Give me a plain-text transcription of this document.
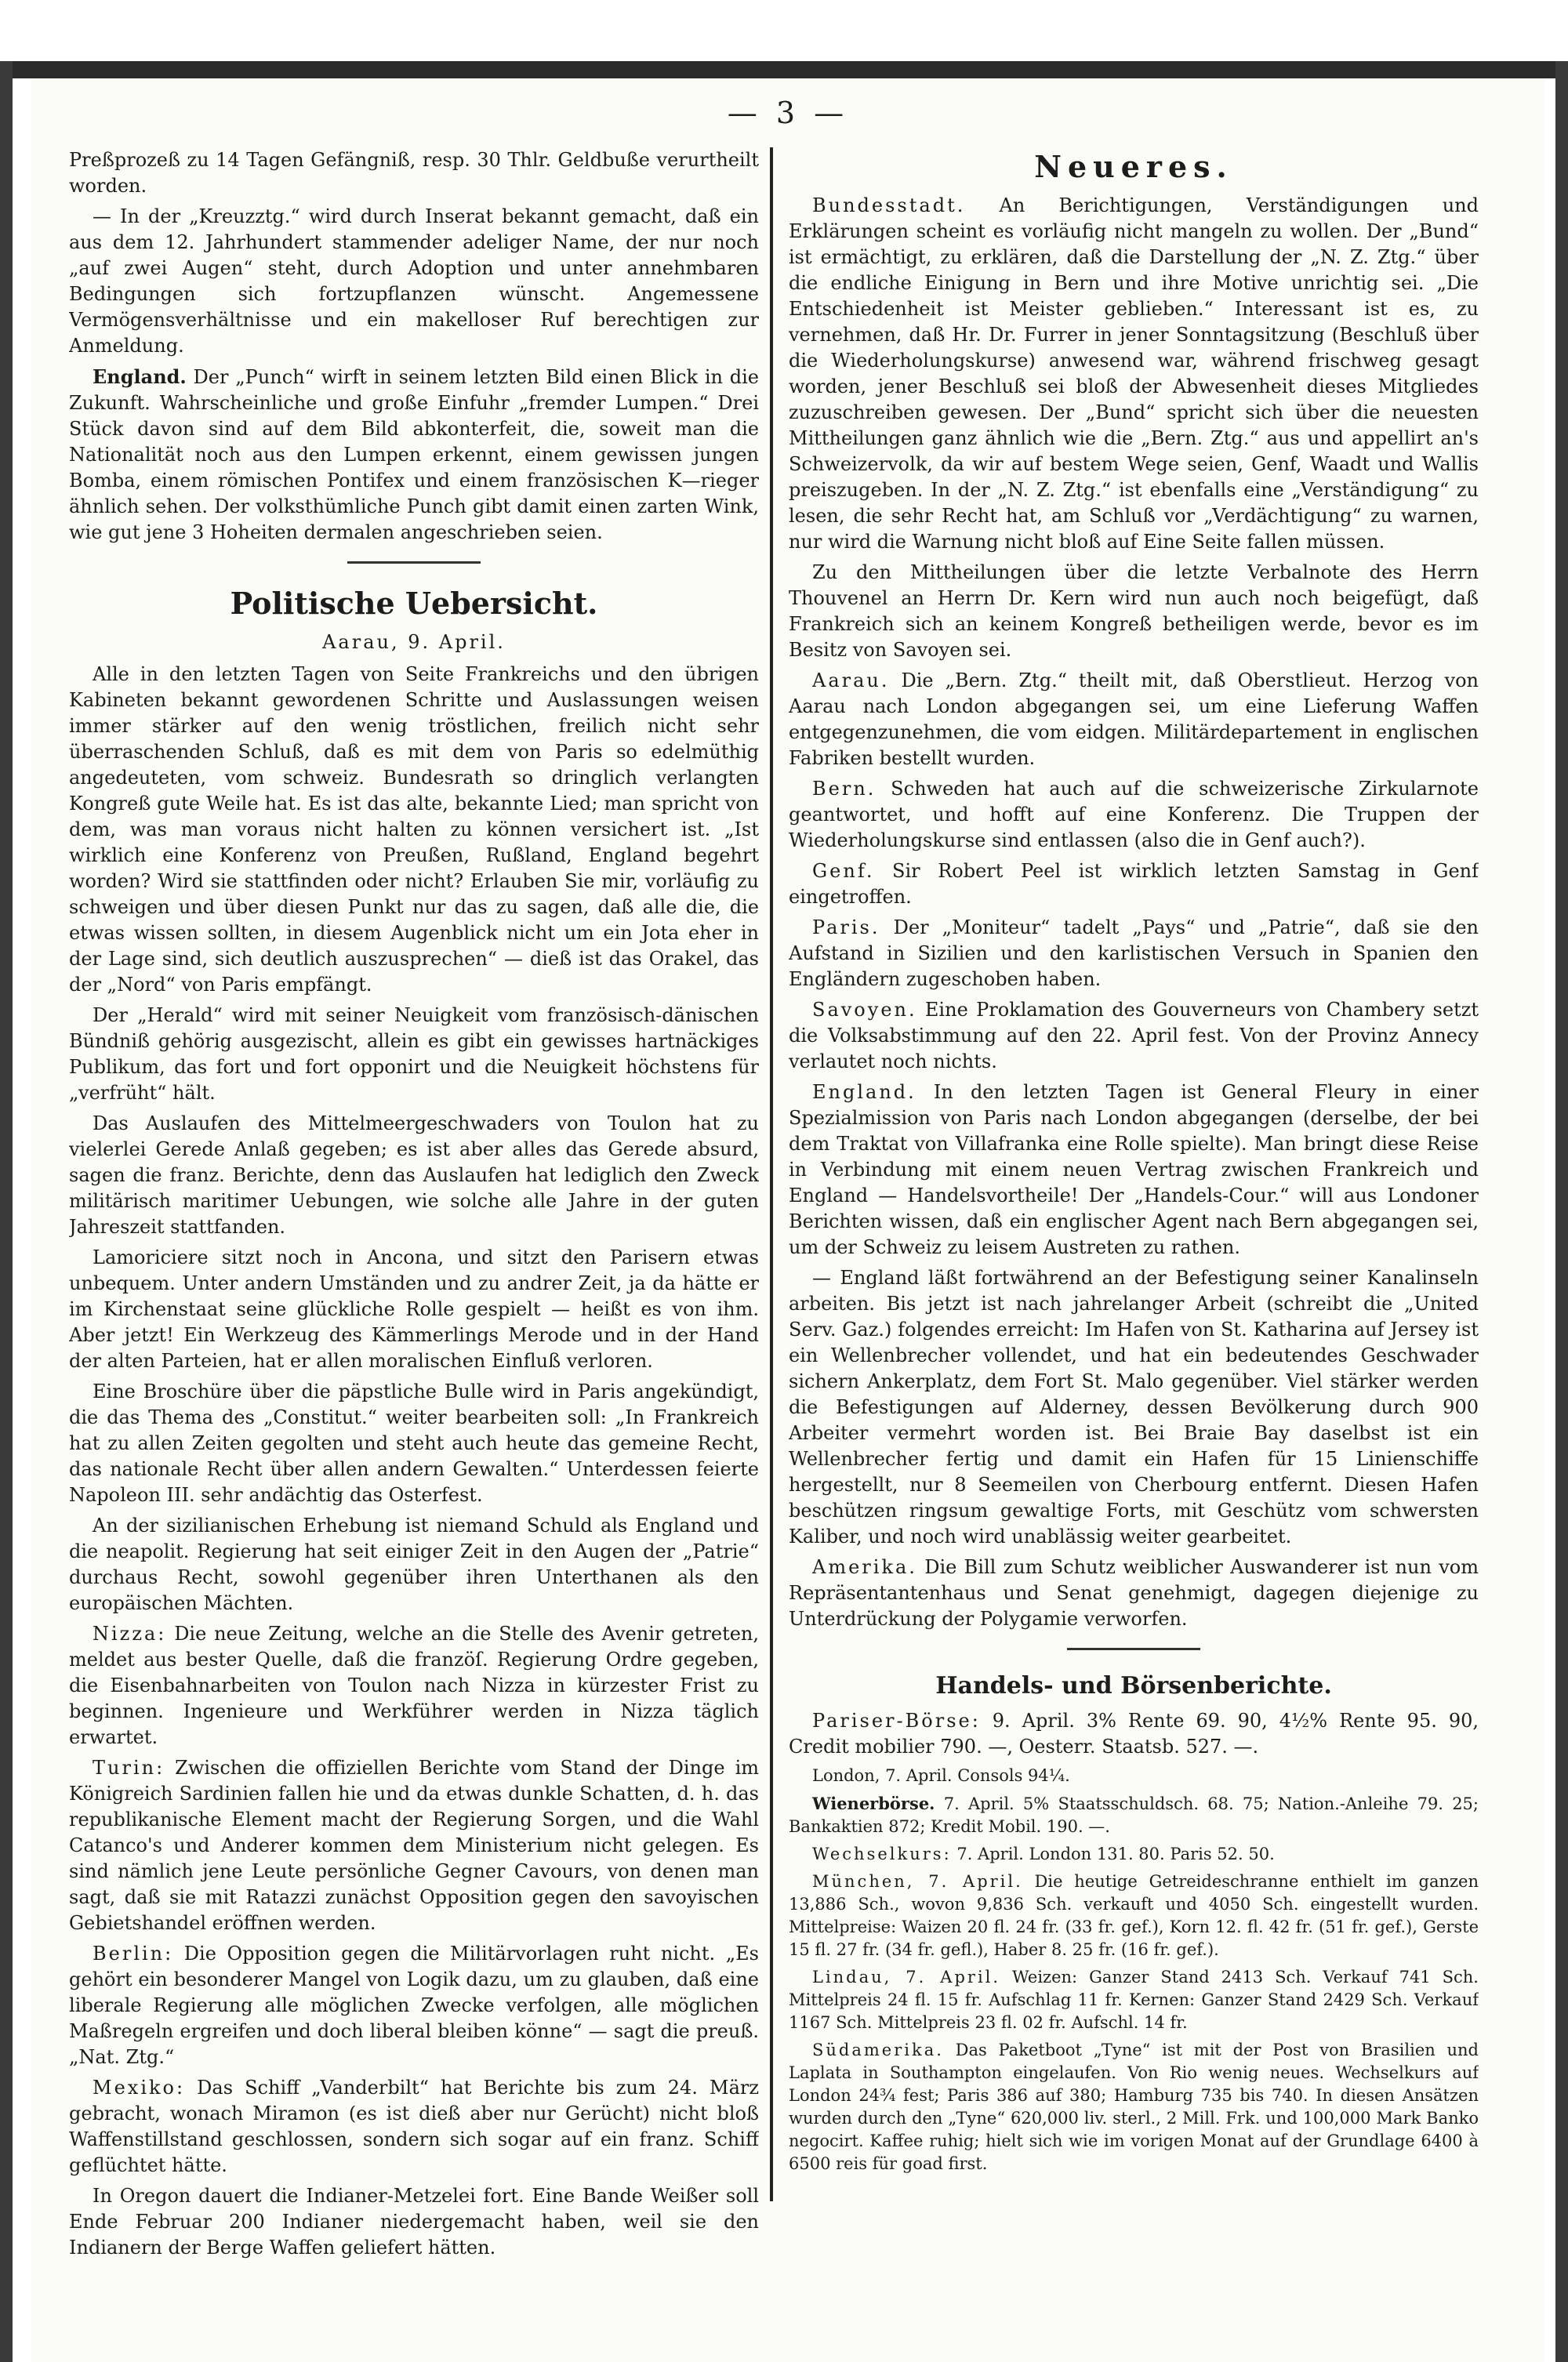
— 3 —

Preßprozeß zu 14 Tagen Gefängniß, resp. 30 Thlr. Geldbuße verurtheilt worden.

— In der „Kreuzztg.“ wird durch Inserat bekannt gemacht, daß ein aus dem 12. Jahrhundert stammender adeliger Name, der nur noch „auf zwei Augen“ steht, durch Adoption und unter annehmbaren Bedingungen sich fortzupflanzen wünscht. Angemessene Vermögensverhältnisse und ein makelloser Ruf berechtigen zur Anmeldung.

England. Der „Punch“ wirft in seinem letzten Bild einen Blick in die Zukunft. Wahrscheinliche und große Einfuhr „fremder Lumpen.“ Drei Stück davon sind auf dem Bild abkonterfeit, die, soweit man die Nationalität noch aus den Lumpen erkennt, einem gewissen jungen Bomba, einem römischen Pontifex und einem französischen K—rieger ähnlich sehen. Der volksthümliche Punch gibt damit einen zarten Wink, wie gut jene 3 Hoheiten dermalen angeschrieben seien.

Politische Uebersicht.
Aarau, 9. April.

Alle in den letzten Tagen von Seite Frankreichs und den übrigen Kabineten bekannt gewordenen Schritte und Auslassungen weisen immer stärker auf den wenig tröstlichen, freilich nicht sehr überraschenden Schluß, daß es mit dem von Paris so edelmüthig angedeuteten, vom schweiz. Bundesrath so dringlich verlangten Kongreß gute Weile hat. Es ist das alte, bekannte Lied; man spricht von dem, was man voraus nicht halten zu können versichert ist. „Ist wirklich eine Konferenz von Preußen, Rußland, England begehrt worden? Wird sie stattfinden oder nicht? Erlauben Sie mir, vorläufig zu schweigen und über diesen Punkt nur das zu sagen, daß alle die, die etwas wissen sollten, in diesem Augenblick nicht um ein Jota eher in der Lage sind, sich deutlich auszusprechen“ — dieß ist das Orakel, das der „Nord“ von Paris empfängt.

Der „Herald“ wird mit seiner Neuigkeit vom französisch-dänischen Bündniß gehörig ausgezischt, allein es gibt ein gewisses hartnäckiges Publikum, das fort und fort opponirt und die Neuigkeit höchstens für „verfrüht“ hält.

Das Auslaufen des Mittelmeergeschwaders von Toulon hat zu vielerlei Gerede Anlaß gegeben; es ist aber alles das Gerede absurd, sagen die franz. Berichte, denn das Auslaufen hat lediglich den Zweck militärisch maritimer Uebungen, wie solche alle Jahre in der guten Jahreszeit stattfanden.

Lamoriciere sitzt noch in Ancona, und sitzt den Parisern etwas unbequem. Unter andern Umständen und zu andrer Zeit, ja da hätte er im Kirchenstaat seine glückliche Rolle gespielt — heißt es von ihm. Aber jetzt! Ein Werkzeug des Kämmerlings Merode und in der Hand der alten Parteien, hat er allen moralischen Einfluß verloren.

Eine Broschüre über die päpstliche Bulle wird in Paris angekündigt, die das Thema des „Constitut.“ weiter bearbeiten soll: „In Frankreich hat zu allen Zeiten gegolten und steht auch heute das gemeine Recht, das nationale Recht über allen andern Gewalten.“ Unterdessen feierte Napoleon III. sehr andächtig das Osterfest.

An der sizilianischen Erhebung ist niemand Schuld als England und die neapolit. Regierung hat seit einiger Zeit in den Augen der „Patrie“ durchaus Recht, sowohl gegenüber ihren Unterthanen als den europäischen Mächten.

Nizza: Die neue Zeitung, welche an die Stelle des Avenir getreten, meldet aus bester Quelle, daß die franzöſ. Regierung Ordre gegeben, die Eisenbahnarbeiten von Toulon nach Nizza in kürzester Frist zu beginnen. Ingenieure und Werkführer werden in Nizza täglich erwartet.

Turin: Zwischen die offiziellen Berichte vom Stand der Dinge im Königreich Sardinien fallen hie und da etwas dunkle Schatten, d. h. das republikanische Element macht der Regierung Sorgen, und die Wahl Catanco's und Anderer kommen dem Ministerium nicht gelegen. Es sind nämlich jene Leute persönliche Gegner Cavours, von denen man sagt, daß sie mit Ratazzi zunächst Opposition gegen den savoyischen Gebietshandel eröffnen werden.

Berlin: Die Opposition gegen die Militärvorlagen ruht nicht. „Es gehört ein besonderer Mangel von Logik dazu, um zu glauben, daß eine liberale Regierung alle möglichen Zwecke verfolgen, alle möglichen Maßregeln ergreifen und doch liberal bleiben könne“ — sagt die preuß. „Nat. Ztg.“

Mexiko: Das Schiff „Vanderbilt“ hat Berichte bis zum 24. März gebracht, wonach Miramon (es ist dieß aber nur Gerücht) nicht bloß Waffenstillstand geschlossen, sondern sich sogar auf ein franz. Schiff geflüchtet hätte.

In Oregon dauert die Indianer-Metzelei fort. Eine Bande Weißer soll Ende Februar 200 Indianer niedergemacht haben, weil sie den Indianern der Berge Waffen geliefert hätten.

Neueres.

Bundesstadt. An Berichtigungen, Verständigungen und Erklärungen scheint es vorläufig nicht mangeln zu wollen. Der „Bund“ ist ermächtigt, zu erklären, daß die Darstellung der „N. Z. Ztg.“ über die endliche Einigung in Bern und ihre Motive unrichtig sei. „Die Entschiedenheit ist Meister geblieben.“ Interessant ist es, zu vernehmen, daß Hr. Dr. Furrer in jener Sonntagsitzung (Beschluß über die Wiederholungskurse) anwesend war, während frischweg gesagt worden, jener Beschluß sei bloß der Abwesenheit dieses Mitgliedes zuzuschreiben gewesen. Der „Bund“ spricht sich über die neuesten Mittheilungen ganz ähnlich wie die „Bern. Ztg.“ aus und appellirt an's Schweizervolk, da wir auf bestem Wege seien, Genf, Waadt und Wallis preiszugeben. In der „N. Z. Ztg.“ ist ebenfalls eine „Verständigung“ zu lesen, die sehr Recht hat, am Schluß vor „Verdächtigung“ zu warnen, nur wird die Warnung nicht bloß auf Eine Seite fallen müssen.

Zu den Mittheilungen über die letzte Verbalnote des Herrn Thouvenel an Herrn Dr. Kern wird nun auch noch beigefügt, daß Frankreich sich an keinem Kongreß betheiligen werde, bevor es im Besitz von Savoyen sei.

Aarau. Die „Bern. Ztg.“ theilt mit, daß Oberstlieut. Herzog von Aarau nach London abgegangen sei, um eine Lieferung Waffen entgegenzunehmen, die vom eidgen. Militärdepartement in englischen Fabriken bestellt wurden.

Bern. Schweden hat auch auf die schweizerische Zirkularnote geantwortet, und hofft auf eine Konferenz. Die Truppen der Wiederholungskurse sind entlassen (also die in Genf auch?).

Genf. Sir Robert Peel ist wirklich letzten Samstag in Genf eingetroffen.

Paris. Der „Moniteur“ tadelt „Pays“ und „Patrie“, daß sie den Aufstand in Sizilien und den karlistischen Versuch in Spanien den Engländern zugeschoben haben.

Savoyen. Eine Proklamation des Gouverneurs von Chambery setzt die Volksabstimmung auf den 22. April fest. Von der Provinz Annecy verlautet noch nichts.

England. In den letzten Tagen ist General Fleury in einer Spezialmission von Paris nach London abgegangen (derselbe, der bei dem Traktat von Villafranka eine Rolle spielte). Man bringt diese Reise in Verbindung mit einem neuen Vertrag zwischen Frankreich und England — Handelsvortheile! Der „Handels-Cour.“ will aus Londoner Berichten wissen, daß ein englischer Agent nach Bern abgegangen sei, um der Schweiz zu leisem Austreten zu rathen.

— England läßt fortwährend an der Befestigung seiner Kanalinseln arbeiten. Bis jetzt ist nach jahrelanger Arbeit (schreibt die „United Serv. Gaz.) folgendes erreicht: Im Hafen von St. Katharina auf Jersey ist ein Wellenbrecher vollendet, und hat ein bedeutendes Geschwader sichern Ankerplatz, dem Fort St. Malo gegenüber. Viel stärker werden die Befestigungen auf Alderney, dessen Bevölkerung durch 900 Arbeiter vermehrt worden ist. Bei Braie Bay daselbst ist ein Wellenbrecher fertig und damit ein Hafen für 15 Linienschiffe hergestellt, nur 8 Seemeilen von Cherbourg entfernt. Diesen Hafen beschützen ringsum gewaltige Forts, mit Geschütz vom schwersten Kaliber, und noch wird unablässig weiter gearbeitet.

Amerika. Die Bill zum Schutz weiblicher Auswanderer ist nun vom Repräsentantenhaus und Senat genehmigt, dagegen diejenige zu Unterdrückung der Polygamie verworfen.

Handels- und Börsenberichte.

Pariser-Börse: 9. April. 3% Rente 69. 90, 4½% Rente 95. 90, Credit mobilier 790. —, Oesterr. Staatsb. 527. —.

London, 7. April. Consols 94¼.

Wienerbörse. 7. April. 5% Staatsschuldsch. 68. 75; Nation.-Anleihe 79. 25; Bankaktien 872; Kredit Mobil. 190. —.

Wechselkurs: 7. April. London 131. 80. Paris 52. 50.

München, 7. April. Die heutige Getreideschranne enthielt im ganzen 13,886 Sch., wovon 9,836 Sch. verkauft und 4050 Sch. eingestellt wurden. Mittelpreise: Waizen 20 fl. 24 fr. (33 fr. gef.), Korn 12. fl. 42 fr. (51 fr. gef.), Gerste 15 fl. 27 fr. (34 fr. gefl.), Haber 8. 25 fr. (16 fr. gef.).

Lindau, 7. April. Weizen: Ganzer Stand 2413 Sch. Verkauf 741 Sch. Mittelpreis 24 fl. 15 fr. Aufschlag 11 fr. Kernen: Ganzer Stand 2429 Sch. Verkauf 1167 Sch. Mittelpreis 23 fl. 02 fr. Aufschl. 14 fr.

Südamerika. Das Paketboot „Tyne“ ist mit der Post von Brasilien und Laplata in Southampton eingelaufen. Von Rio wenig neues. Wechselkurs auf London 24¾ fest; Paris 386 auf 380; Hamburg 735 bis 740. In diesen Ansätzen wurden durch den „Tyne“ 620,000 liv. sterl., 2 Mill. Frk. und 100,000 Mark Banko negocirt. Kaffee ruhig; hielt sich wie im vorigen Monat auf der Grundlage 6400 à 6500 reis für goad first.
